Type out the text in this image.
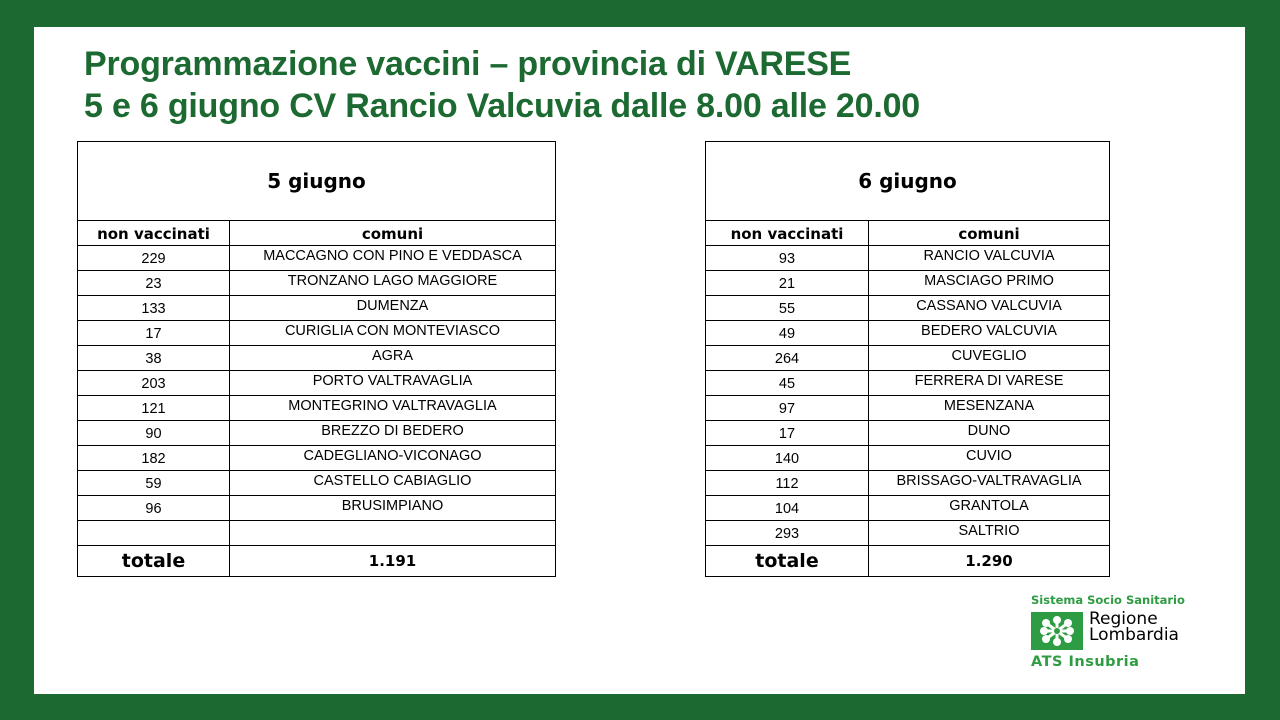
Programmazione vaccini – provincia di VARESE
5 e 6 giugno CV Rancio Valcuvia dalle 8.00 alle 20.00
5 giugno	
non vaccinati	comuni
229	MACCAGNO CON PINO E VEDDASCA
23	TRONZANO LAGO MAGGIORE
133	DUMENZA
17	CURIGLIA CON MONTEVIASCO
38	AGRA
203	PORTO VALTRAVAGLIA
121	MONTEGRINO VALTRAVAGLIA
90	BREZZO DI BEDERO
182	CADEGLIANO-VICONAGO
59	CASTELLO CABIAGLIO
96	BRUSIMPIANO

totale	1.191
6 giugno	
non vaccinati	comuni
93	RANCIO VALCUVIA
21	MASCIAGO PRIMO
55	CASSANO VALCUVIA
49	BEDERO VALCUVIA
264	CUVEGLIO
45	FERRERA DI VARESE
97	MESENZANA
17	DUNO
140	CUVIO
112	BRISSAGO-VALTRAVAGLIA
104	GRANTOLA
293	SALTRIO
totale	1.290
Sistema Socio Sanitario
Regione
Lombardia
ATS Insubria
